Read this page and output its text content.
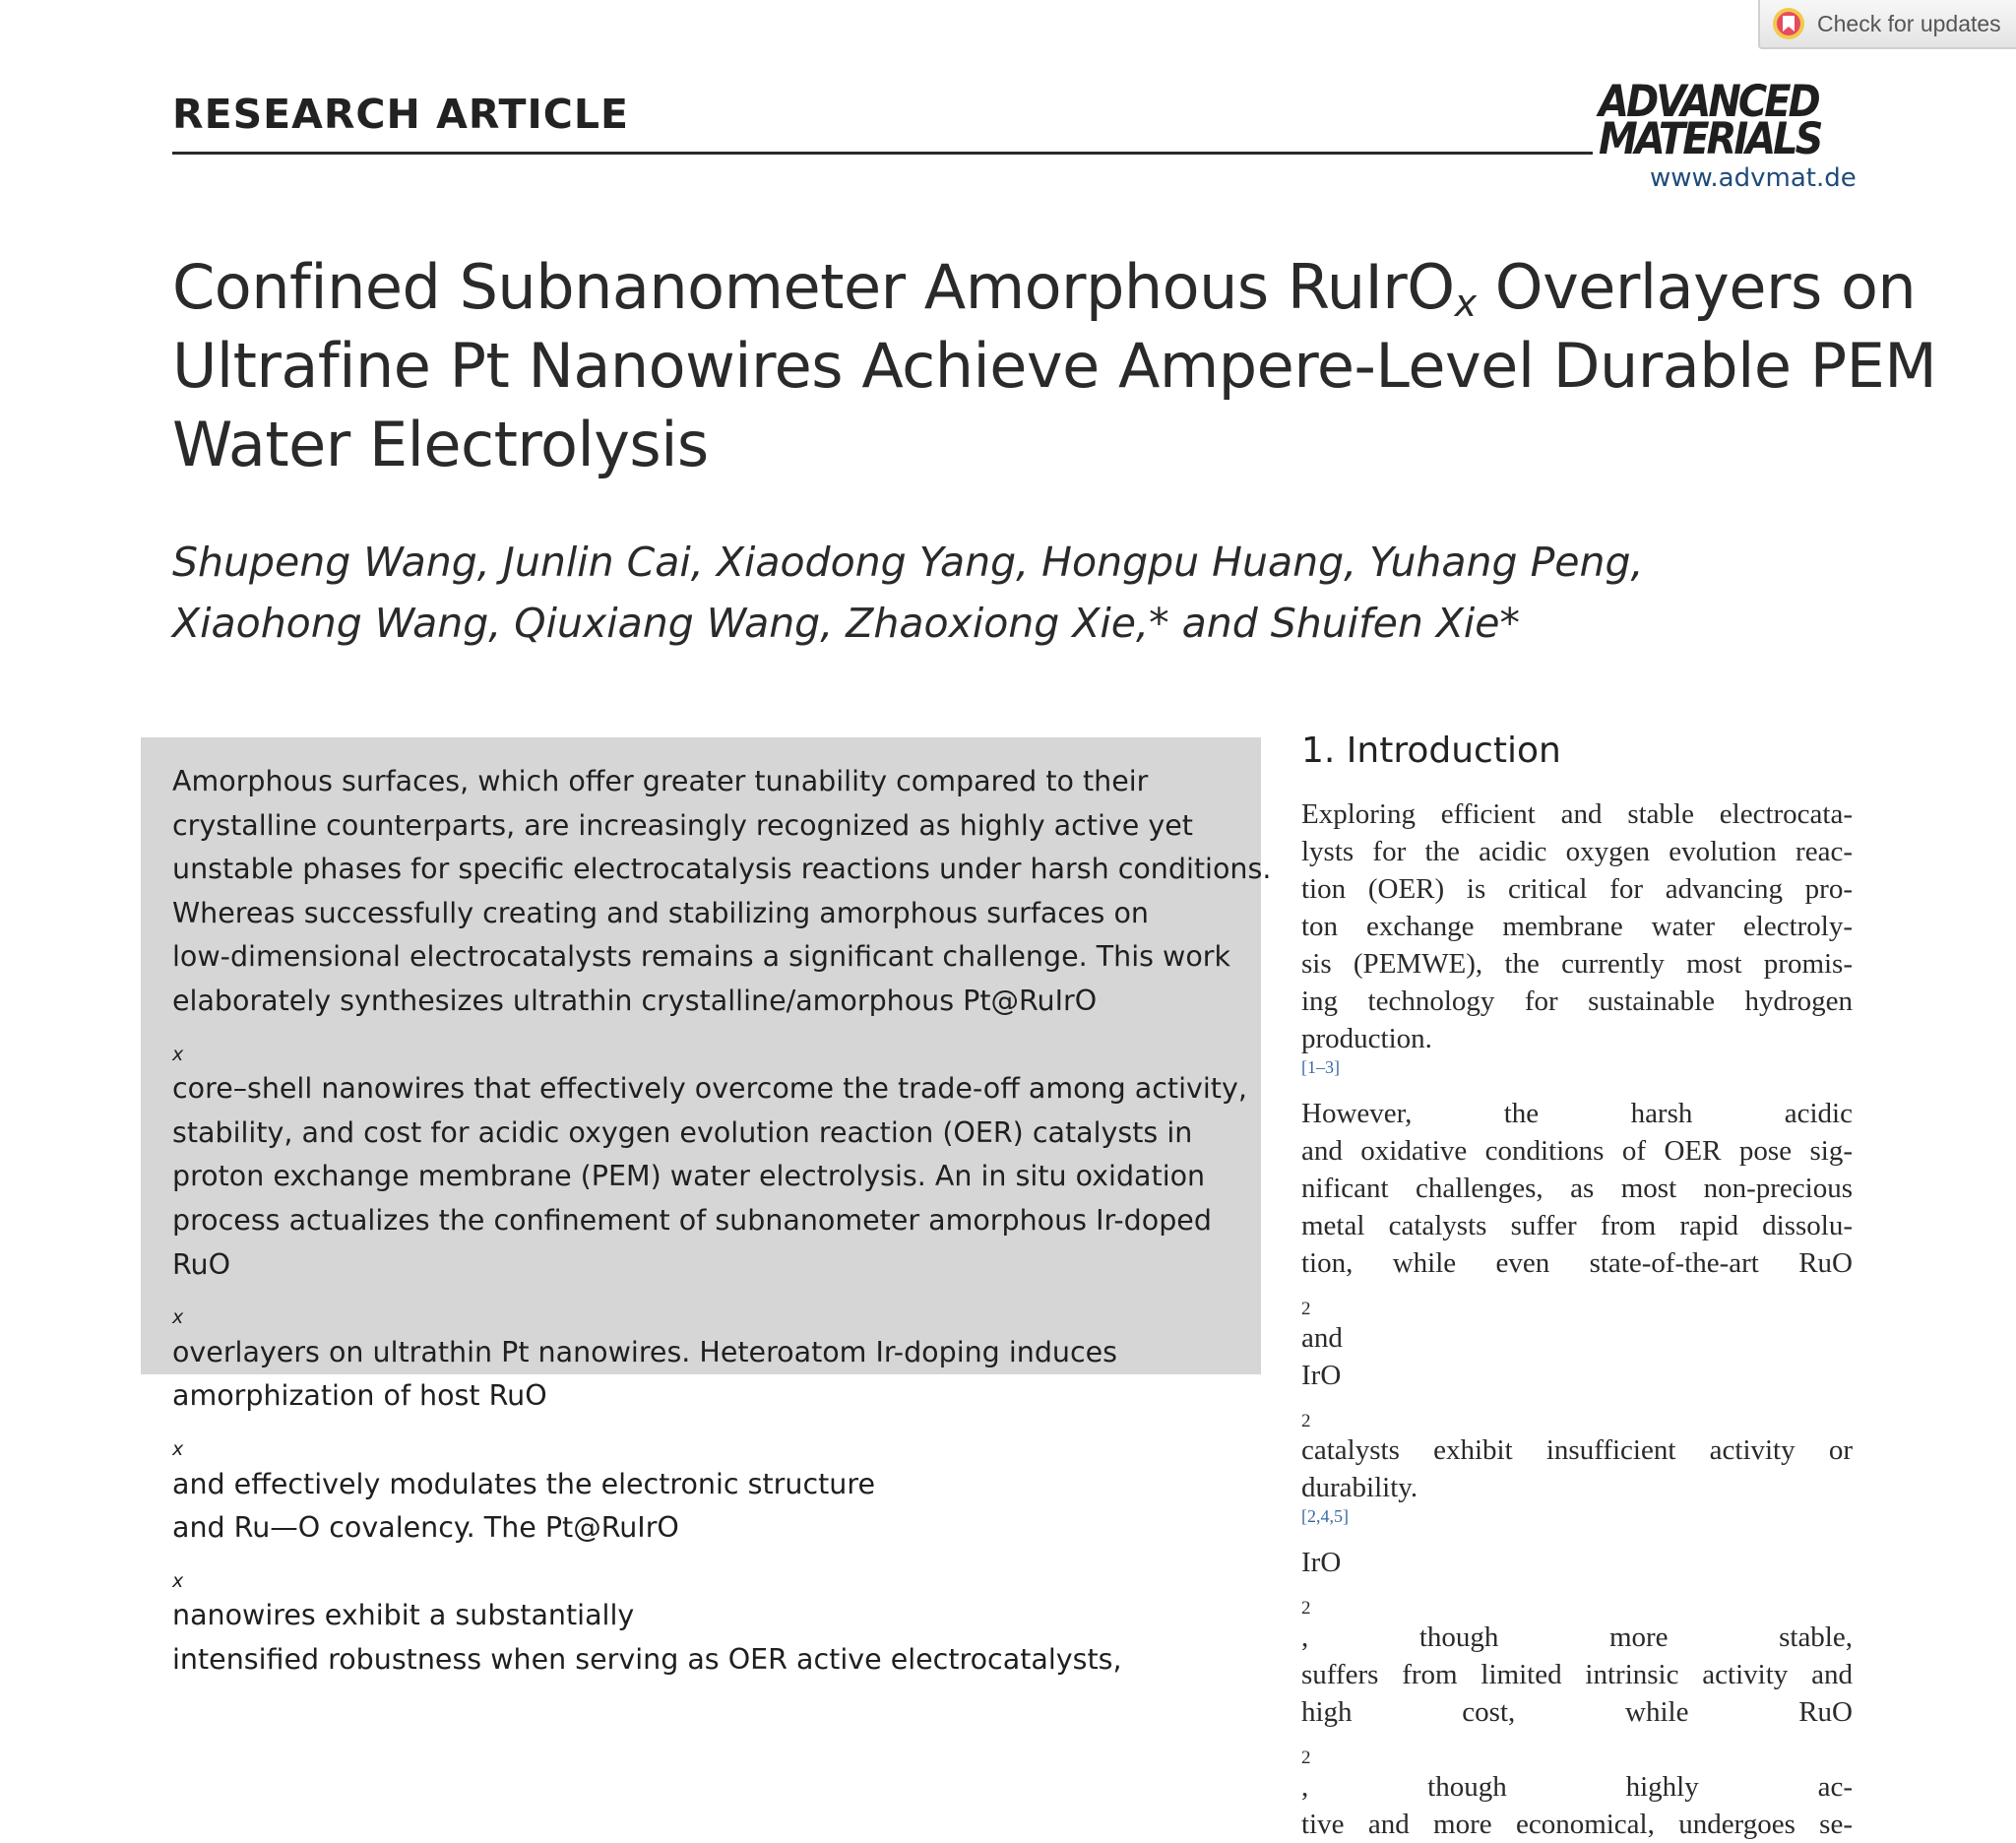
Check for updates
RESEARCH ARTICLE	ADVANCED
MATERIALS

www.advmat.de

Confined Subnanometer Amorphous RuIrO$_x$ Overlayers on
Ultrafine Pt Nanowires Achieve Ampere-Level Durable PEM
Water Electrolysis

Shupeng Wang, Junlin Cai, Xiaodong Yang, Hongpu Huang, Yuhang Peng,
Xiaohong Wang, Qiuxiang Wang, Zhaoxiong Xie,* and Shuifen Xie*

Amorphous surfaces, which offer greater tunability compared to their
crystalline counterparts, are increasingly recognized as highly active yet
unstable phases for specific electrocatalysis reactions under harsh conditions.
Whereas successfully creating and stabilizing amorphous surfaces on
low-dimensional electrocatalysts remains a significant challenge. This work
elaborately synthesizes ultrathin crystalline/amorphous Pt@RuIrO
$_x$
core–shell nanowires that effectively overcome the trade-off among activity,
stability, and cost for acidic oxygen evolution reaction (OER) catalysts in
proton exchange membrane (PEM) water electrolysis. An in situ oxidation
process actualizes the confinement of subnanometer amorphous Ir-doped
RuO
$_x$
overlayers on ultrathin Pt nanowires. Heteroatom Ir-doping induces
amorphization of host RuO
$_x$
and effectively modulates the electronic structure
and Ru—O covalency. The Pt@RuIrO
$_x$
nanowires exhibit a substantially
intensified robustness when serving as OER active electrocatalysts,

1. Introduction

Exploring efficient and stable electrocata-
lysts for the acidic oxygen evolution reac-
tion (OER) is critical for advancing pro-
ton exchange membrane water electroly-
sis (PEMWE), the currently most promis-
ing technology for sustainable hydrogen
production.
[1–3]
However, the harsh acidic
and oxidative conditions of OER pose sig-
nificant challenges, as most non-precious
metal catalysts suffer from rapid dissolu-
tion, while even state-of-the-art RuO
$_2$
and
IrO
$_2$
catalysts exhibit insufficient activity or
durability.
[2,4,5]
IrO
$_2$
, though more stable,
suffers from limited intrinsic activity and
high cost, while RuO
$_2$
, though highly ac-
tive and more economical, undergoes se-
